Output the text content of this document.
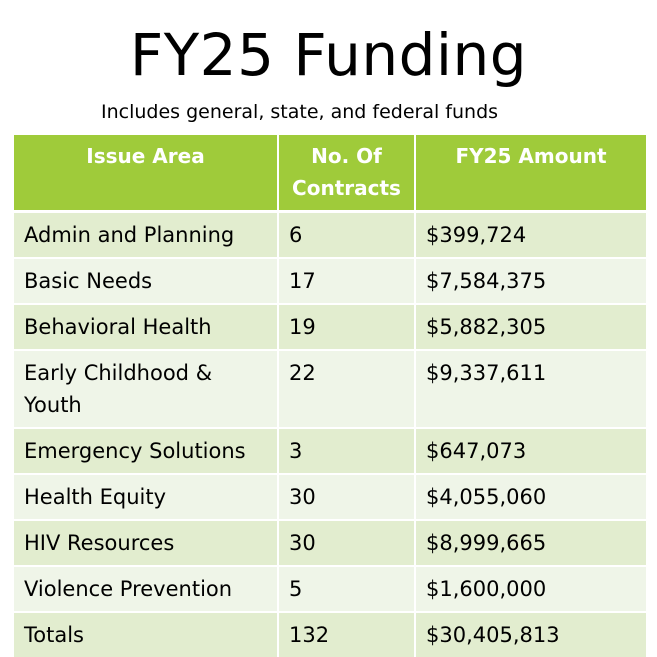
FY25 Funding
Includes general, state, and federal funds
Issue Area	No. Of Contracts	FY25 Amount
Admin and Planning	6	$399,724
Basic Needs	17	$7,584,375
Behavioral Health	19	$5,882,305
Early Childhood & Youth	22	$9,337,611
Emergency Solutions	3	$647,073
Health Equity	30	$4,055,060
HIV Resources	30	$8,999,665
Violence Prevention	5	$1,600,000
Totals	132	$30,405,813
